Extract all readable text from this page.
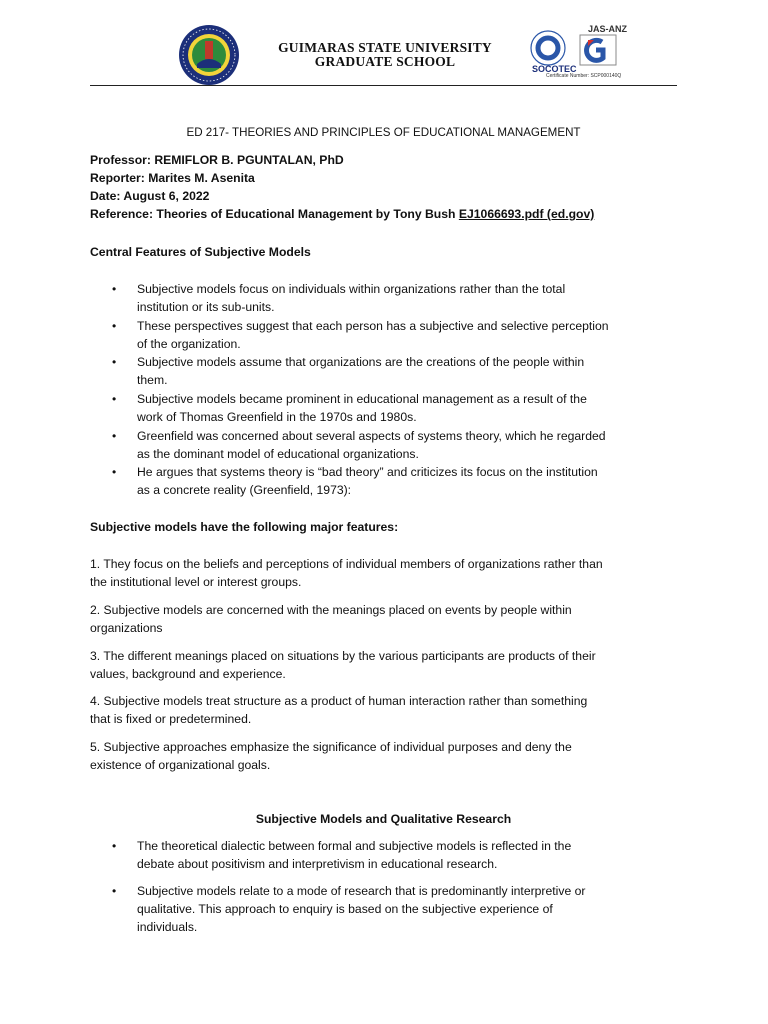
GUIMARAS STATE UNIVERSITY
GRADUATE SCHOOL
JAS-ANZ
SOCOTEC
Certificate Number: SCP000140Q
ED 217- THEORIES AND PRINCIPLES OF EDUCATIONAL MANAGEMENT
Professor: REMIFLOR B. PGUNTALAN, PhD
Reporter: Marites M. Asenita
Date: August 6, 2022
Reference: Theories of Educational Management by Tony Bush EJ1066693.pdf (ed.gov)
Central Features of Subjective Models
• Subjective models focus on individuals within organizations rather than the total
institution or its sub-units.
• These perspectives suggest that each person has a subjective and selective perception
of the organization.
• Subjective models assume that organizations are the creations of the people within
them.
• Subjective models became prominent in educational management as a result of the
work of Thomas Greenfield in the 1970s and 1980s.
• Greenfield was concerned about several aspects of systems theory, which he regarded
as the dominant model of educational organizations.
• He argues that systems theory is “bad theory” and criticizes its focus on the institution
as a concrete reality (Greenfield, 1973):
Subjective models have the following major features:
1. They focus on the beliefs and perceptions of individual members of organizations rather than
the institutional level or interest groups.
2. Subjective models are concerned with the meanings placed on events by people within
organizations
3. The different meanings placed on situations by the various participants are products of their
values, background and experience.
4. Subjective models treat structure as a product of human interaction rather than something
that is fixed or predetermined.
5. Subjective approaches emphasize the significance of individual purposes and deny the
existence of organizational goals.
Subjective Models and Qualitative Research
• The theoretical dialectic between formal and subjective models is reflected in the
debate about positivism and interpretivism in educational research.
• Subjective models relate to a mode of research that is predominantly interpretive or
qualitative. This approach to enquiry is based on the subjective experience of
individuals.
